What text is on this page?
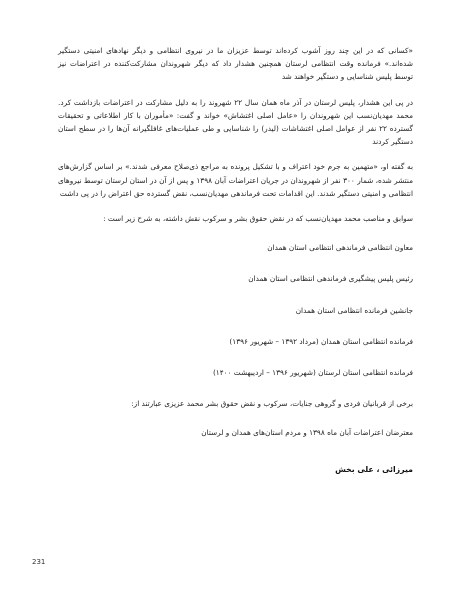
«کسانی که در این چند روز آشوب کرده‌اند توسط عزیزان ما در نیروی انتظامی و دیگر نهادهای امنیتی دستگیر شده‌اند.» فرمانده وقت انتظامی لرستان همچنین هشدار داد که دیگر شهروندان مشارکت‌کننده در اعتراضات نیز توسط پلیس شناسایی و دستگیر خواهند شد

در پی این هشدار، پلیس لرستان در آذر ماه همان سال ۲۲ شهروند را به دلیل مشارکت در اعتراضات بازداشت کرد. محمد مهدیان‌نسب این شهروندان را «عامل اصلی اغتشاش» خواند و گفت: «مأموران با کار اطلاعاتی و تحقیقات گسترده ۲۲ نفر از عوامل اصلی اغتشاشات (لیدر) را شناسایی و طی عملیات‌های غافلگیرانه آن‌ها را در سطح استان دستگیر کردند

به گفته او، «متهمین به جرم خود اعتراف و با تشکیل پرونده به مراجع ذی‌صلاح معرفی شدند.» بر اساس گزارش‌های منتشر شده، شمار ۳۰۰ نفر از شهروندان در جریان اعتراضات آبان ۱۳۹۸ و پس از آن در استان لرستان توسط نیروهای انتظامی و امنیتی دستگیر شدند. این اقدامات تحت فرماندهی مهدیان‌نسب، نقض گسترده حق اعتراض را در پی داشت

سوابق و مناصب محمد مهدیان‌نسب که در نقض حقوق بشر و سرکوب نقش داشته، به شرح زیر است :

معاون انتظامی فرماندهی انتظامی استان همدان

رئیس پلیس پیشگیری فرماندهی انتظامی استان همدان

جانشین فرمانده انتظامی استان همدان

فرمانده انتظامی استان همدان (مرداد ۱۳۹۲ – شهریور ۱۳۹۶)

فرمانده انتظامی استان لرستان (شهریور ۱۳۹۶ – اردیبهشت ۱۴۰۰)

برخی از قربانیان فردی و گروهی جنایات، سرکوب و نقض حقوق بشر محمد عزیزی عبارتند از:

معترضان اعتراضات آبان ماه ۱۳۹۸ و مردم استان‌های همدان و لرستان

میرزائی ، علی بخش
231
